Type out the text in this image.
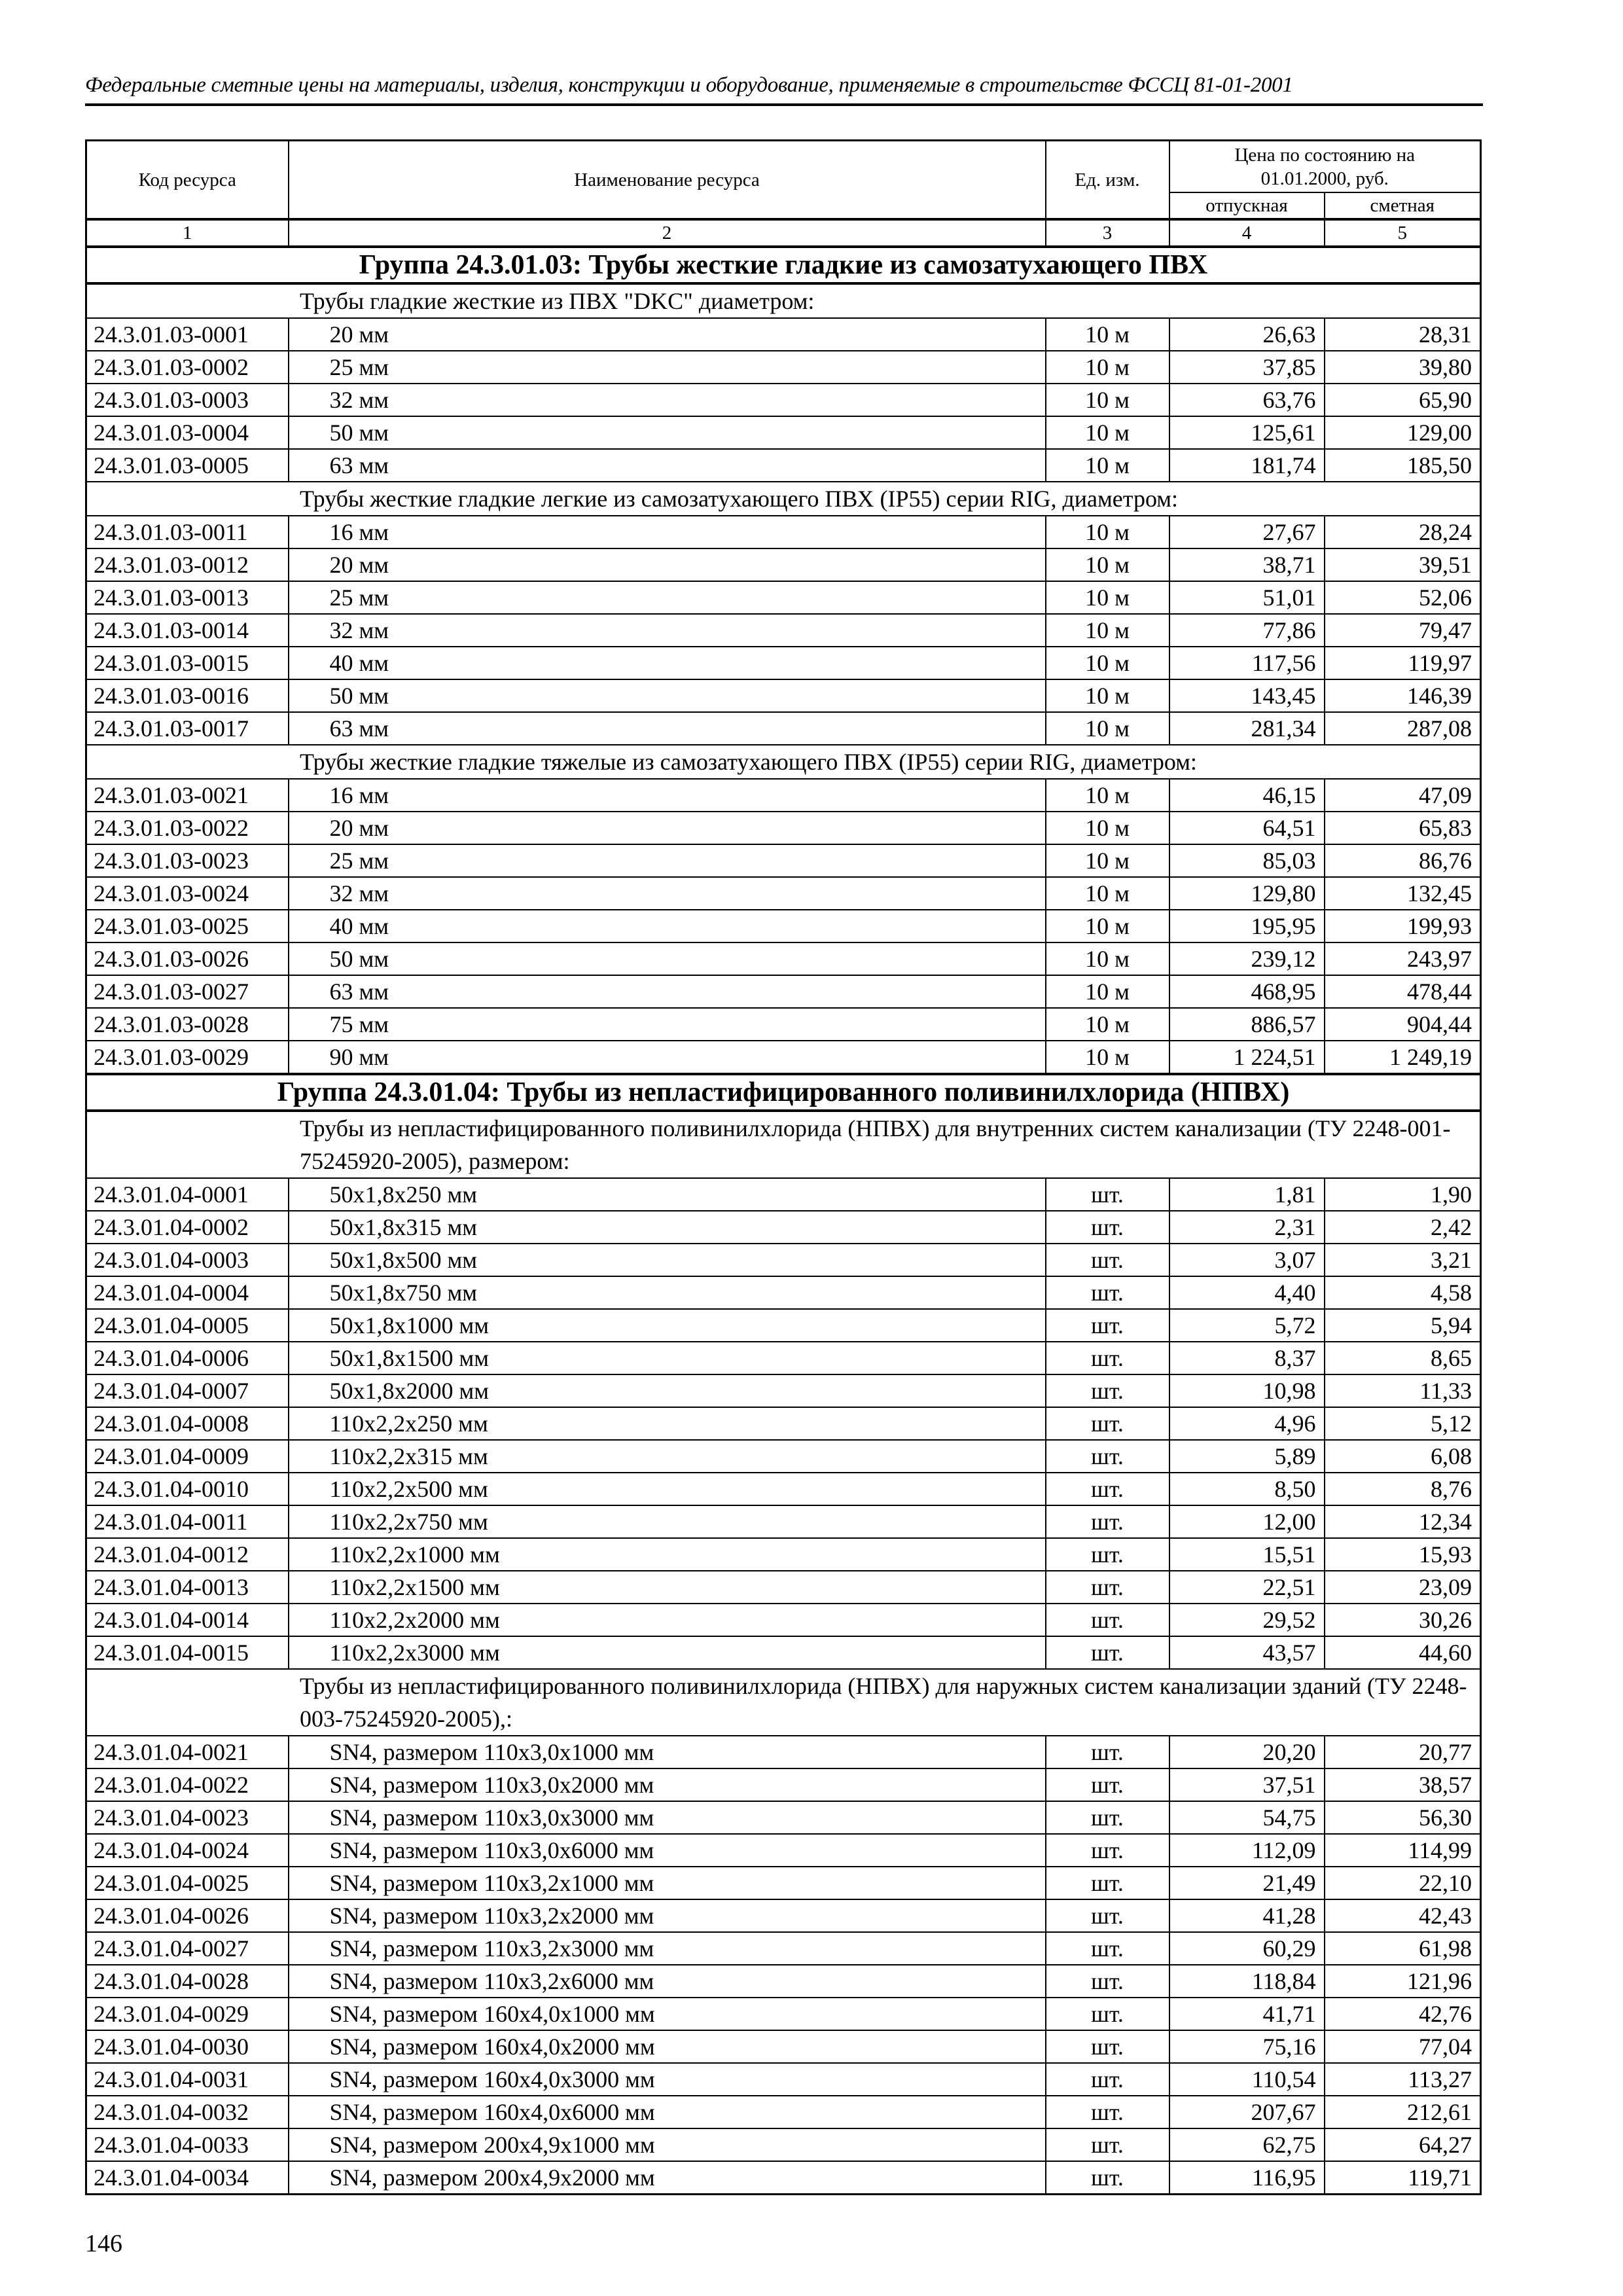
Федеральные сметные цены на материалы, изделия, конструкции и оборудование, применяемые в строительстве ФССЦ 81-01-2001
Код ресурса	Наименование ресурса	Ед. изм.	Цена по состоянию на 01.01.2000, руб.	
			отпускная	сметная
1	2	3	4	5
Группа 24.3.01.03: Трубы жесткие гладкие из самозатухающего ПВХ				
Трубы гладкие жесткие из ПВХ "DKC" диаметром:				
24.3.01.03-0001	20 мм	10 м	26,63	28,31
24.3.01.03-0002	25 мм	10 м	37,85	39,80
24.3.01.03-0003	32 мм	10 м	63,76	65,90
24.3.01.03-0004	50 мм	10 м	125,61	129,00
24.3.01.03-0005	63 мм	10 м	181,74	185,50
Трубы жесткие гладкие легкие из самозатухающего ПВХ (IP55) серии RIG, диаметром:				
24.3.01.03-0011	16 мм	10 м	27,67	28,24
24.3.01.03-0012	20 мм	10 м	38,71	39,51
24.3.01.03-0013	25 мм	10 м	51,01	52,06
24.3.01.03-0014	32 мм	10 м	77,86	79,47
24.3.01.03-0015	40 мм	10 м	117,56	119,97
24.3.01.03-0016	50 мм	10 м	143,45	146,39
24.3.01.03-0017	63 мм	10 м	281,34	287,08
Трубы жесткие гладкие тяжелые из самозатухающего ПВХ (IP55) серии RIG, диаметром:				
24.3.01.03-0021	16 мм	10 м	46,15	47,09
24.3.01.03-0022	20 мм	10 м	64,51	65,83
24.3.01.03-0023	25 мм	10 м	85,03	86,76
24.3.01.03-0024	32 мм	10 м	129,80	132,45
24.3.01.03-0025	40 мм	10 м	195,95	199,93
24.3.01.03-0026	50 мм	10 м	239,12	243,97
24.3.01.03-0027	63 мм	10 м	468,95	478,44
24.3.01.03-0028	75 мм	10 м	886,57	904,44
24.3.01.03-0029	90 мм	10 м	1 224,51	1 249,19
Группа 24.3.01.04: Трубы из непластифицированного поливинилхлорида (НПВХ)				
Трубы из непластифицированного поливинилхлорида (НПВХ) для внутренних систем канализации (ТУ 2248-001-75245920-2005), размером:				
24.3.01.04-0001	50х1,8х250 мм	шт.	1,81	1,90
24.3.01.04-0002	50х1,8х315 мм	шт.	2,31	2,42
24.3.01.04-0003	50х1,8х500 мм	шт.	3,07	3,21
24.3.01.04-0004	50х1,8х750 мм	шт.	4,40	4,58
24.3.01.04-0005	50х1,8х1000 мм	шт.	5,72	5,94
24.3.01.04-0006	50х1,8х1500 мм	шт.	8,37	8,65
24.3.01.04-0007	50х1,8х2000 мм	шт.	10,98	11,33
24.3.01.04-0008	110х2,2х250 мм	шт.	4,96	5,12
24.3.01.04-0009	110х2,2х315 мм	шт.	5,89	6,08
24.3.01.04-0010	110х2,2х500 мм	шт.	8,50	8,76
24.3.01.04-0011	110х2,2х750 мм	шт.	12,00	12,34
24.3.01.04-0012	110х2,2х1000 мм	шт.	15,51	15,93
24.3.01.04-0013	110х2,2х1500 мм	шт.	22,51	23,09
24.3.01.04-0014	110х2,2х2000 мм	шт.	29,52	30,26
24.3.01.04-0015	110х2,2х3000 мм	шт.	43,57	44,60
Трубы из непластифицированного поливинилхлорида (НПВХ) для наружных систем канализации зданий (ТУ 2248-003-75245920-2005),:				
24.3.01.04-0021	SN4, размером 110х3,0х1000 мм	шт.	20,20	20,77
24.3.01.04-0022	SN4, размером 110х3,0х2000 мм	шт.	37,51	38,57
24.3.01.04-0023	SN4, размером 110х3,0х3000 мм	шт.	54,75	56,30
24.3.01.04-0024	SN4, размером 110х3,0х6000 мм	шт.	112,09	114,99
24.3.01.04-0025	SN4, размером 110х3,2х1000 мм	шт.	21,49	22,10
24.3.01.04-0026	SN4, размером 110х3,2х2000 мм	шт.	41,28	42,43
24.3.01.04-0027	SN4, размером 110х3,2х3000 мм	шт.	60,29	61,98
24.3.01.04-0028	SN4, размером 110х3,2х6000 мм	шт.	118,84	121,96
24.3.01.04-0029	SN4, размером 160х4,0х1000 мм	шт.	41,71	42,76
24.3.01.04-0030	SN4, размером 160х4,0х2000 мм	шт.	75,16	77,04
24.3.01.04-0031	SN4, размером 160х4,0х3000 мм	шт.	110,54	113,27
24.3.01.04-0032	SN4, размером 160х4,0х6000 мм	шт.	207,67	212,61
24.3.01.04-0033	SN4, размером 200х4,9х1000 мм	шт.	62,75	64,27
24.3.01.04-0034	SN4, размером 200х4,9х2000 мм	шт.	116,95	119,71
146
